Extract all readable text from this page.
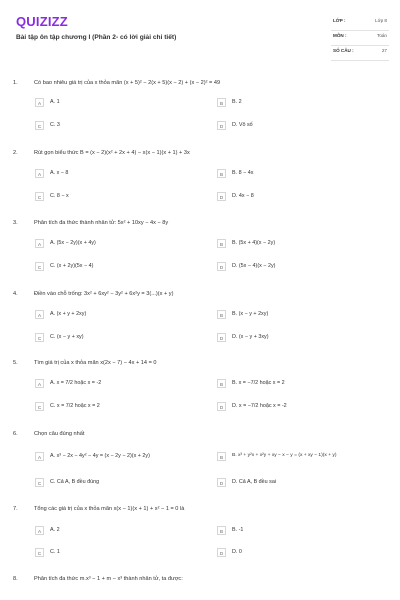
QUIZIZZ
Bài tập ôn tập chương I (Phần 2- có lời giải chi tiết)
LỚP :	Lớp 8
MÔN :	Toán
SỐ CÂU :	27
1.	Có bao nhiêu giá trị của x thỏa mãn (x + 5)² − 2(x + 5)(x − 2) + (x − 2)² = 49
A	A. 1	B	B. 2
C	C. 3	D	D. Vô số
2.	Rút gọn biểu thức B = (x − 2)(x² + 2x + 4) − x(x − 1)(x + 1) + 3x
A	A. x − 8	B	B. 8 − 4x
C	C. 8 − x	D	D. 4x − 8
3.	Phân tích đa thức thành nhân tử: 5x² + 10xy − 4x − 8y
A	A. (5x − 2y)(x + 4y)	B	B. (5x + 4)(x − 2y)
C	C. (x + 2y)(5x − 4)	D	D. (5x − 4)(x − 2y)
4.	Điền vào chỗ trống: 3x² + 6xy² − 3y² + 6x²y = 3(...)(x + y)
A	A. (x + y + 2xy)	B	B. (x − y + 2xy)
C	C. (x − y + xy)	D	D. (x − y + 3xy)
5.	Tìm giá trị của x thỏa mãn x(2x − 7) − 4x + 14 = 0
A	A. x = 7/2 hoặc x = -2	B	B. x = −7/2 hoặc x = 2
C	C. x = 7/2 hoặc x = 2	D	D. x = −7/2 hoặc x = -2
6.	Chọn câu đúng nhất
A	A. x³ − 2x − 4y² − 4y = (x − 2y − 2)(x + 2y)	B	B. x³ + y²x + x²y + xy − x − y = (x + xy − 1)(x + y)
C	C. Cả A, B đều đúng	D	D. Cả A, B đều sai
7.	Tổng các giá trị của x thỏa mãn x(x − 1)(x + 1) + x² − 1 = 0 là
A	A. 2	B	B. -1
C	C. 1	D	D. 0
8.	Phân tích đa thức m.x³ − 1 + m − x³ thành nhân tử, ta được:
